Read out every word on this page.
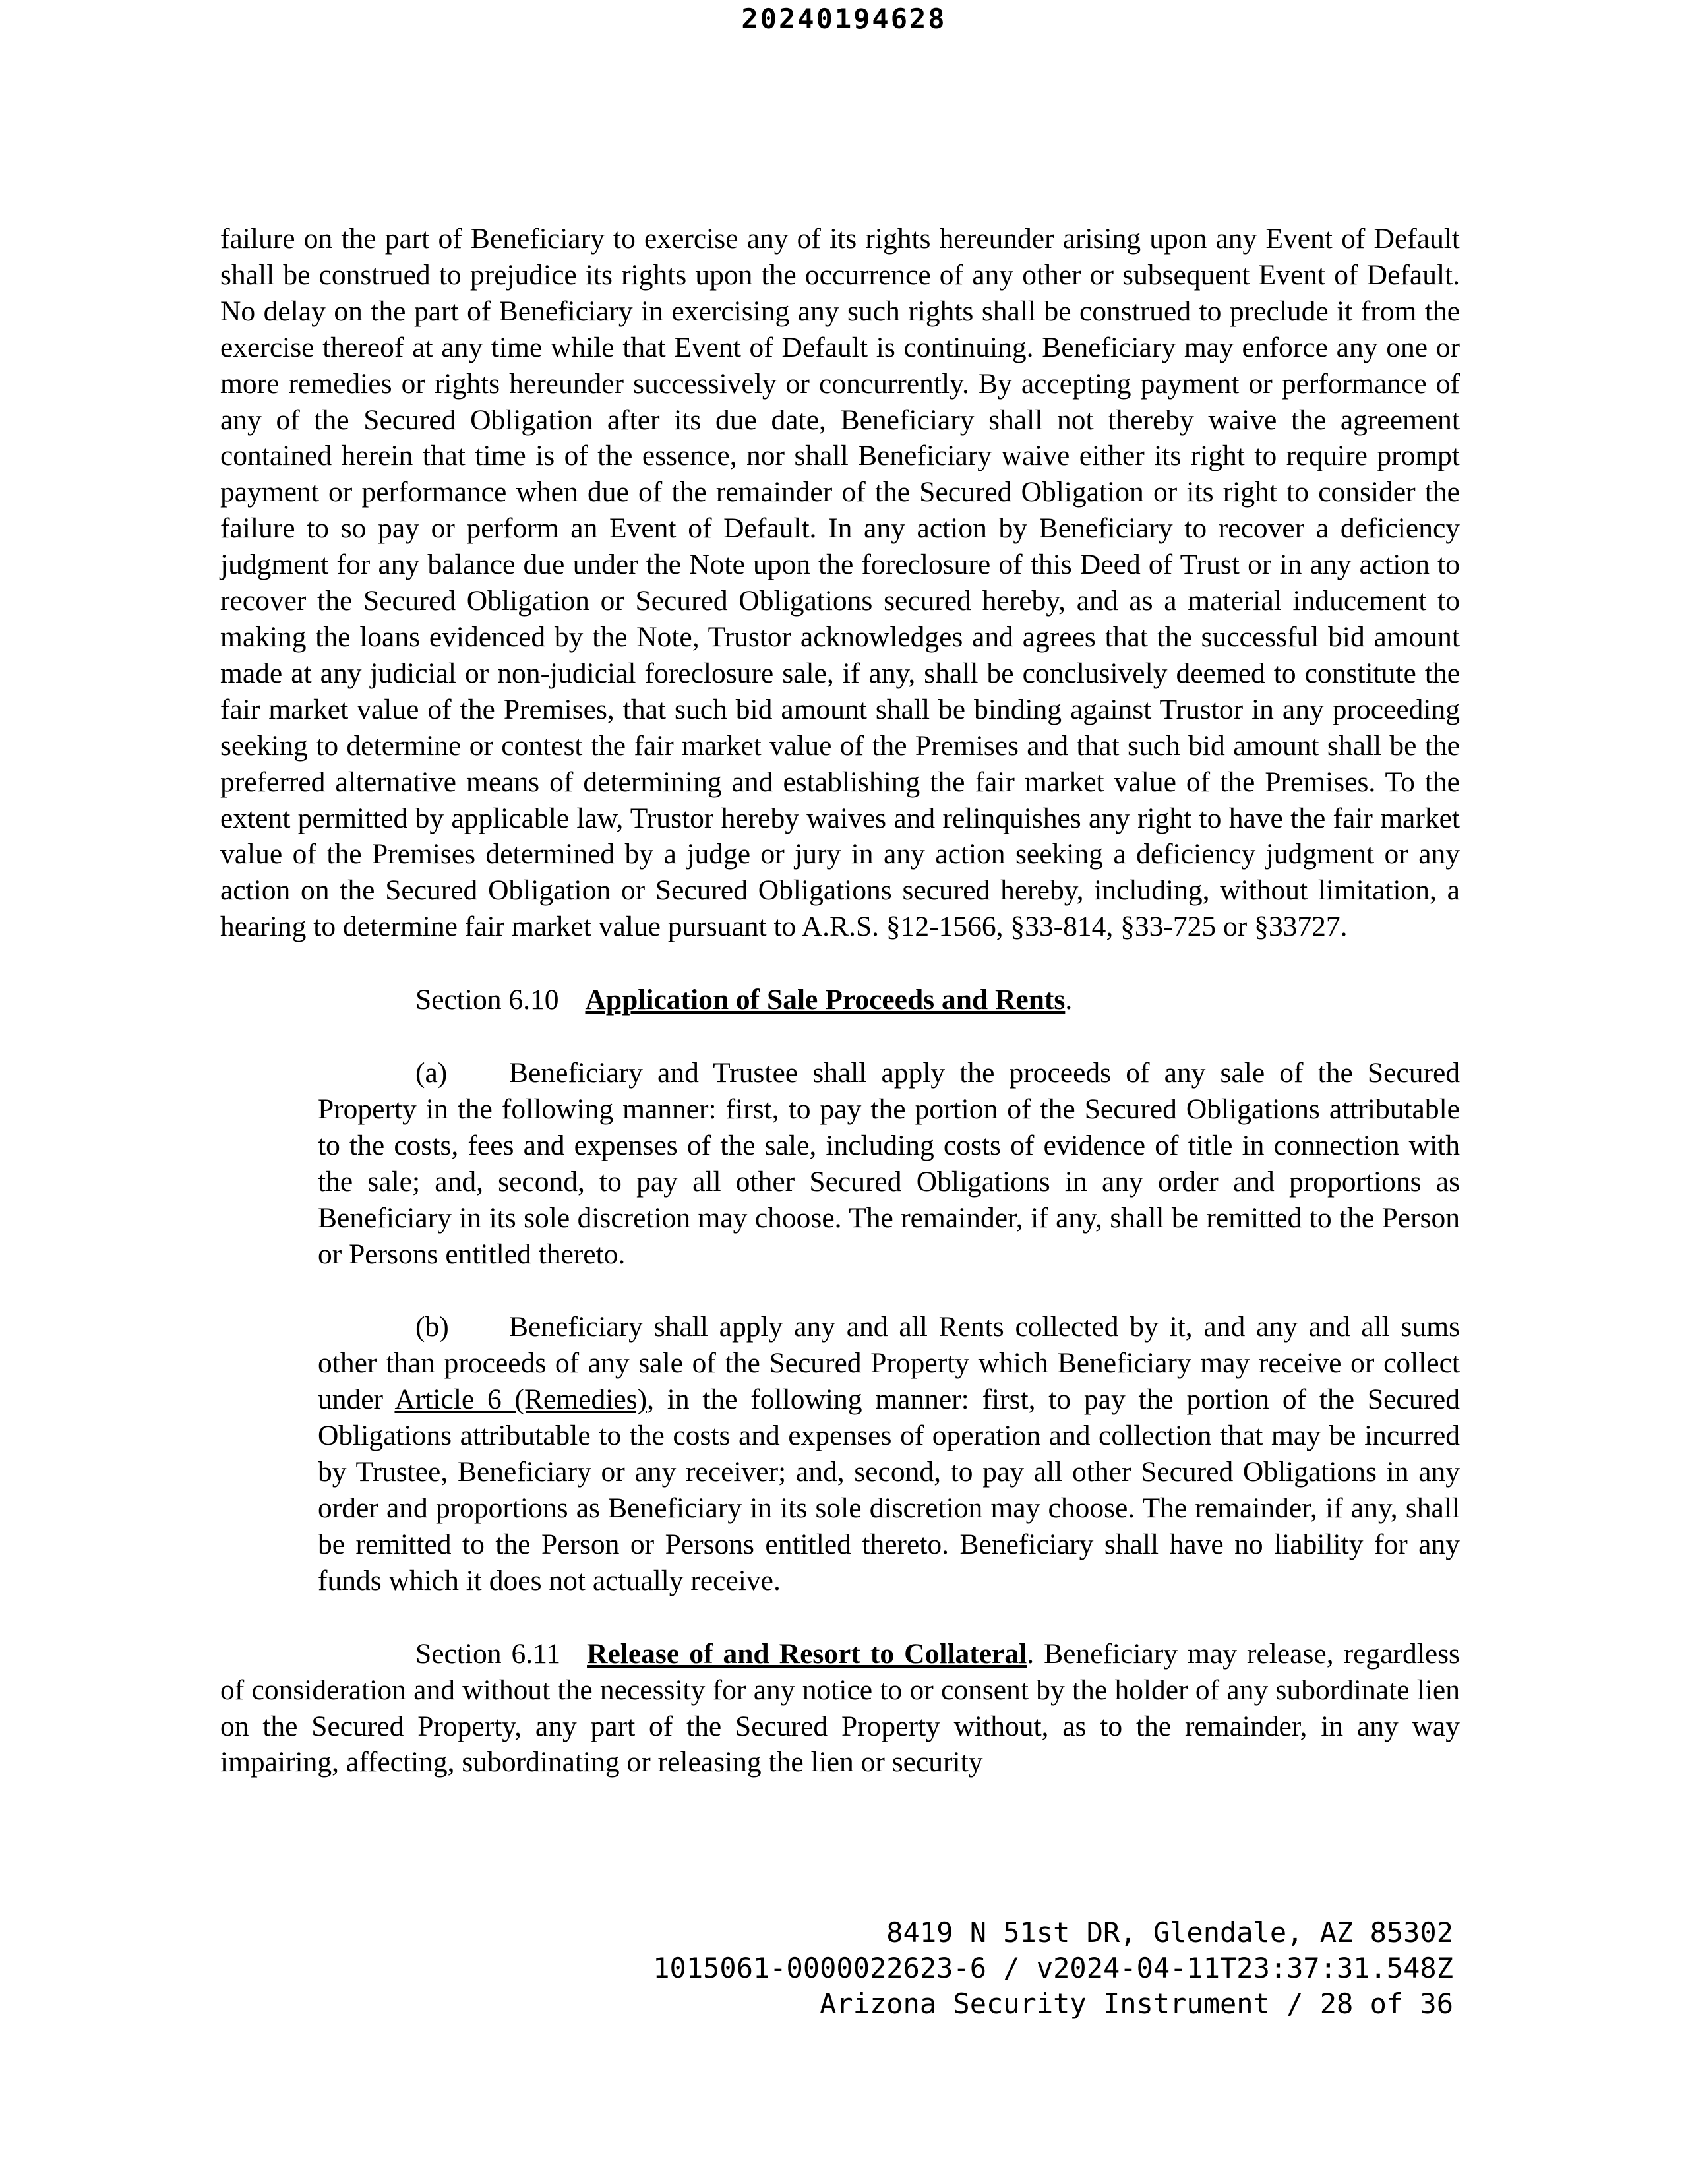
20240194628

failure on the part of Beneficiary to exercise any of its rights hereunder arising upon any Event of Default shall be construed to prejudice its rights upon the occurrence of any other or subsequent Event of Default. No delay on the part of Beneficiary in exercising any such rights shall be construed to preclude it from the exercise thereof at any time while that Event of Default is continuing. Beneficiary may enforce any one or more remedies or rights hereunder successively or concurrently. By accepting payment or performance of any of the Secured Obligation after its due date, Beneficiary shall not thereby waive the agreement contained herein that time is of the essence, nor shall Beneficiary waive either its right to require prompt payment or performance when due of the remainder of the Secured Obligation or its right to consider the failure to so pay or perform an Event of Default. In any action by Beneficiary to recover a deficiency judgment for any balance due under the Note upon the foreclosure of this Deed of Trust or in any action to recover the Secured Obligation or Secured Obligations secured hereby, and as a material inducement to making the loans evidenced by the Note, Trustor acknowledges and agrees that the successful bid amount made at any judicial or non-judicial foreclosure sale, if any, shall be conclusively deemed to constitute the fair market value of the Premises, that such bid amount shall be binding against Trustor in any proceeding seeking to determine or contest the fair market value of the Premises and that such bid amount shall be the preferred alternative means of determining and establishing the fair market value of the Premises. To the extent permitted by applicable law, Trustor hereby waives and relinquishes any right to have the fair market value of the Premises determined by a judge or jury in any action seeking a deficiency judgment or any action on the Secured Obligation or Secured Obligations secured hereby, including, without limitation, a hearing to determine fair market value pursuant to A.R.S. §12-1566, §33-814, §33-725 or §33727.

Section 6.10 Application of Sale Proceeds and Rents.

(a) Beneficiary and Trustee shall apply the proceeds of any sale of the Secured Property in the following manner: first, to pay the portion of the Secured Obligations attributable to the costs, fees and expenses of the sale, including costs of evidence of title in connection with the sale; and, second, to pay all other Secured Obligations in any order and proportions as Beneficiary in its sole discretion may choose. The remainder, if any, shall be remitted to the Person or Persons entitled thereto.

(b) Beneficiary shall apply any and all Rents collected by it, and any and all sums other than proceeds of any sale of the Secured Property which Beneficiary may receive or collect under Article 6 (Remedies), in the following manner: first, to pay the portion of the Secured Obligations attributable to the costs and expenses of operation and collection that may be incurred by Trustee, Beneficiary or any receiver; and, second, to pay all other Secured Obligations in any order and proportions as Beneficiary in its sole discretion may choose. The remainder, if any, shall be remitted to the Person or Persons entitled thereto. Beneficiary shall have no liability for any funds which it does not actually receive.

Section 6.11 Release of and Resort to Collateral. Beneficiary may release, regardless of consideration and without the necessity for any notice to or consent by the holder of any subordinate lien on the Secured Property, any part of the Secured Property without, as to the remainder, in any way impairing, affecting, subordinating or releasing the lien or security

8419 N 51st DR, Glendale, AZ 85302
1015061-0000022623-6 / v2024-04-11T23:37:31.548Z
Arizona Security Instrument / 28 of 36
